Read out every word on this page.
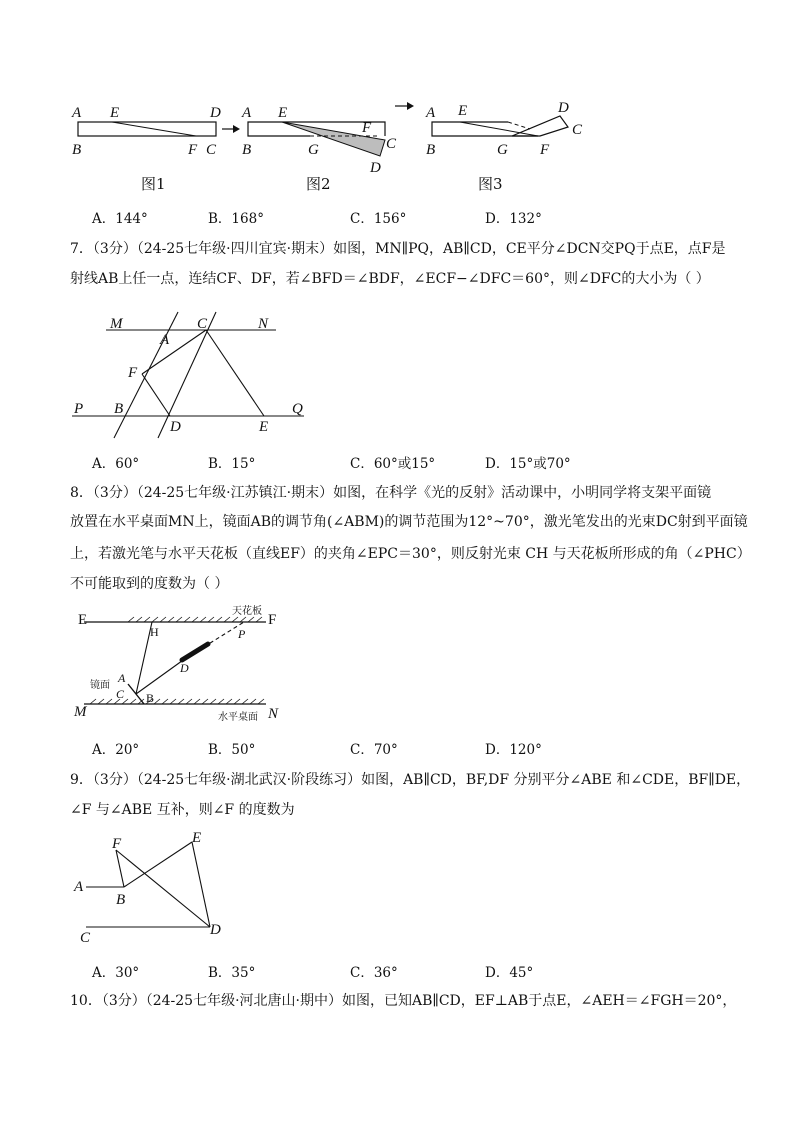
A E	D
B	F C
A E
F
C
B	G
D
A E	D
C
B	G F
图1	图2	图3
A．144°	B．168°	C．156°	D．132°
7．（3分）（24-25七年级·四川宜宾·期末）如图，MN∥PQ，AB∥CD，CE平分∠DCN交PQ于点E，点F是
射线AB上任一点，连结CF、DF，若∠BFD＝∠BDF，∠ECF−∠DFC＝60°，则∠DFC的大小为（ ）
M	C	N
A
F
P B
D	E
Q
A．60°	B．15°	C．60°或15°	D．15°或70°
8．（3分）（24-25七年级·江苏镇江·期末）如图，在科学《光的反射》活动课中，小明同学将支架平面镜
放置在水平桌面MN上，镜面AB的调节角(∠ABM)的调节范围为12°~70°，激光笔发出的光束DC射到平面镜
上，若激光笔与水平天花板（直线EF）的夹角∠EPC＝30°，则反射光束 CH 与天花板所形成的角（∠PHC）
不可能取到的度数为（ ）
E	F
H	P
D
A
C B
M	N
天花板
镜面
水平桌面
A．20°	B．50°	C．70°	D．120°
9．（3分）（24-25七年级·湖北武汉·阶段练习）如图，AB∥CD，BF,DF 分别平分∠ABE 和∠CDE，BF∥DE，
∠F 与∠ABE 互补，则∠F 的度数为
F	E
A
B
C	D
A．30°	B．35°	C．36°	D．45°
10．（3分）（24-25七年级·河北唐山·期中）如图，已知AB∥CD，EF⊥AB于点E，∠AEH＝∠FGH＝20°，
